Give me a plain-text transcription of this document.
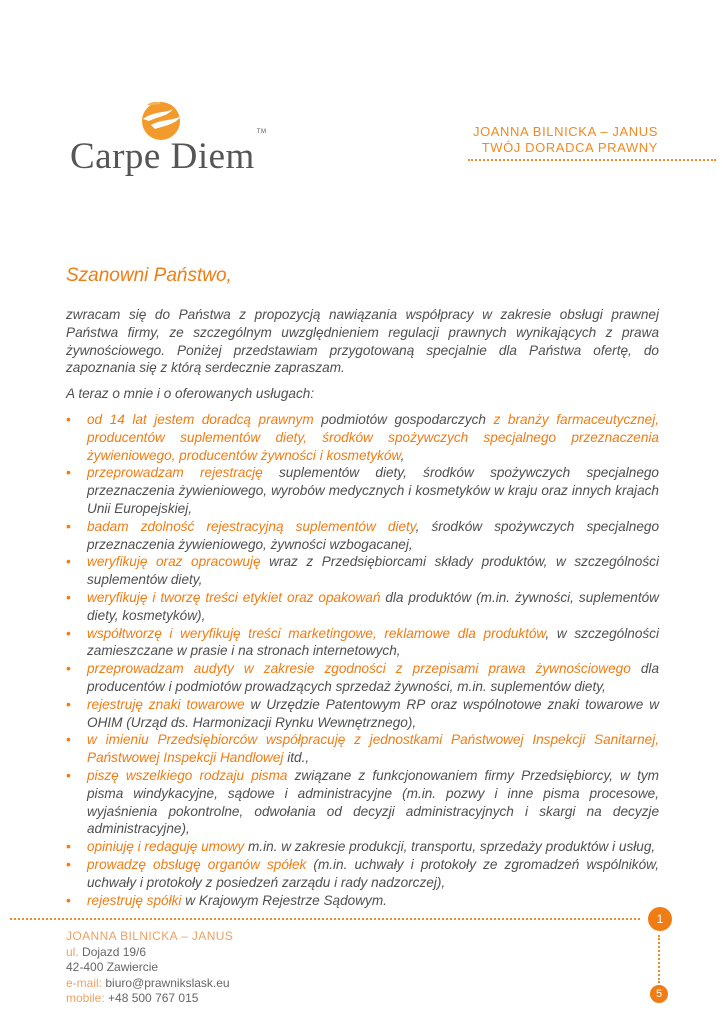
Carpe Diem™	JOANNA BILNICKA – JANUS
TWÓJ DORADCA PRAWNY
Szanowni Państwo,

zwracam się do Państwa z propozycją nawiązania współpracy w zakresie obsługi prawnej Państwa firmy, ze szczególnym uwzględnieniem regulacji prawnych wynikających z prawa żywnościowego. Poniżej przedstawiam przygotowaną specjalnie dla Państwa ofertę, do zapoznania się z którą serdecznie zapraszam.

A teraz o mnie i o oferowanych usługach:

• od 14 lat jestem doradcą prawnym podmiotów gospodarczych z branży farmaceutycznej, producentów suplementów diety, środków spożywczych specjalnego przeznaczenia żywieniowego, producentów żywności i kosmetyków,
• przeprowadzam rejestrację suplementów diety, środków spożywczych specjalnego przeznaczenia żywieniowego, wyrobów medycznych i kosmetyków w kraju oraz innych krajach Unii Europejskiej,
• badam zdolność rejestracyjną suplementów diety, środków spożywczych specjalnego przeznaczenia żywieniowego, żywności wzbogacanej,
• weryfikuję oraz opracowuję wraz z Przedsiębiorcami składy produktów, w szczególności suplementów diety,
• weryfikuję i tworzę treści etykiet oraz opakowań dla produktów (m.in. żywności, suplementów diety, kosmetyków),
• współtworzę i weryfikuję treści marketingowe, reklamowe dla produktów, w szczególności zamieszczane w prasie i na stronach internetowych,
• przeprowadzam audyty w zakresie zgodności z przepisami prawa żywnościowego dla producentów i podmiotów prowadzących sprzedaż żywności, m.in. suplementów diety,
• rejestruję znaki towarowe w Urzędzie Patentowym RP oraz wspólnotowe znaki towarowe w OHIM (Urząd ds. Harmonizacji Rynku Wewnętrznego),
• w imieniu Przedsiębiorców współpracuję z jednostkami Państwowej Inspekcji Sanitarnej, Państwowej Inspekcji Handlowej itd.,
• piszę wszelkiego rodzaju pisma związane z funkcjonowaniem firmy Przedsiębiorcy, w tym pisma windykacyjne, sądowe i administracyjne (m.in. pozwy i inne pisma procesowe, wyjaśnienia pokontrolne, odwołania od decyzji administracyjnych i skargi na decyzje administracyjne),
• opiniuję i redaguję umowy m.in. w zakresie produkcji, transportu, sprzedaży produktów i usług,
• prowadzę obsługę organów spółek (m.in. uchwały i protokoły ze zgromadzeń wspólników, uchwały i protokoły z posiedzeń zarządu i rady nadzorczej),
• rejestruję spółki w Krajowym Rejestrze Sądowym.
1
5
JOANNA BILNICKA – JANUS
ul. Dojazd 19/6
42-400 Zawiercie
e-mail: biuro@prawnikslask.eu
mobile: +48 500 767 015
